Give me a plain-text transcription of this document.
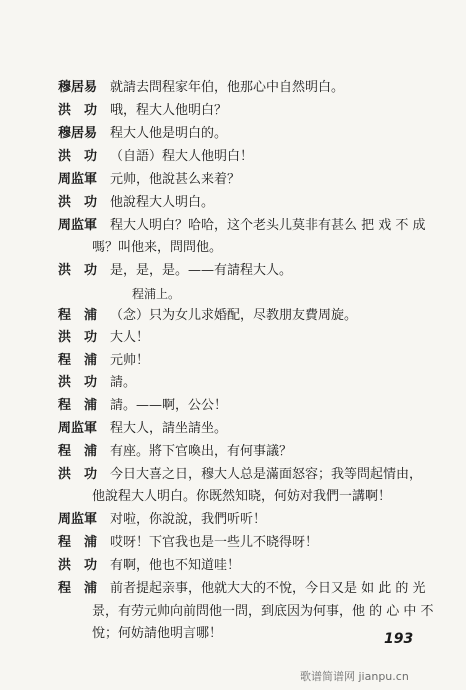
穆居易 就請去問程家年伯，他那心中自然明白。
洪　功 哦，程大人他明白？
穆居易 程大人他是明白的。
洪　功 （自語）程大人他明白！
周监軍 元帅，他說甚么来着？
洪　功 他說程大人明白。
周监軍 程大人明白？哈哈，这个老头儿莫非有甚么 把 戏 不 成
嗎？叫他来，問問他。
洪　功 是，是，是。——有請程大人。
程浦上。
程　浦 （念）只为女儿求婚配，尽教朋友費周旋。
洪　功 大人！
程　浦 元帅！
洪　功 請。
程　浦 請。——啊，公公！
周监軍 程大人，請坐請坐。
程　浦 有座。將下官喚出，有何事議？
洪　功 今日大喜之日，穆大人总是滿面怒容；我等問起情由，
他說程大人明白。你既然知晓，何妨对我們一講啊！
周监軍 对啦，你說說，我們听听！
程　浦 哎呀！下官我也是一些儿不晓得呀！
洪　功 有啊，他也不知道哇！
程　浦 前者提起亲事，他就大大的不悅，今日又是 如 此 的 光
景，有劳元帅向前問他一問，到底因为何事，他 的 心 中 不
悅；何妨請他明言哪！	193
歌谱简谱网 jianpu.cn
